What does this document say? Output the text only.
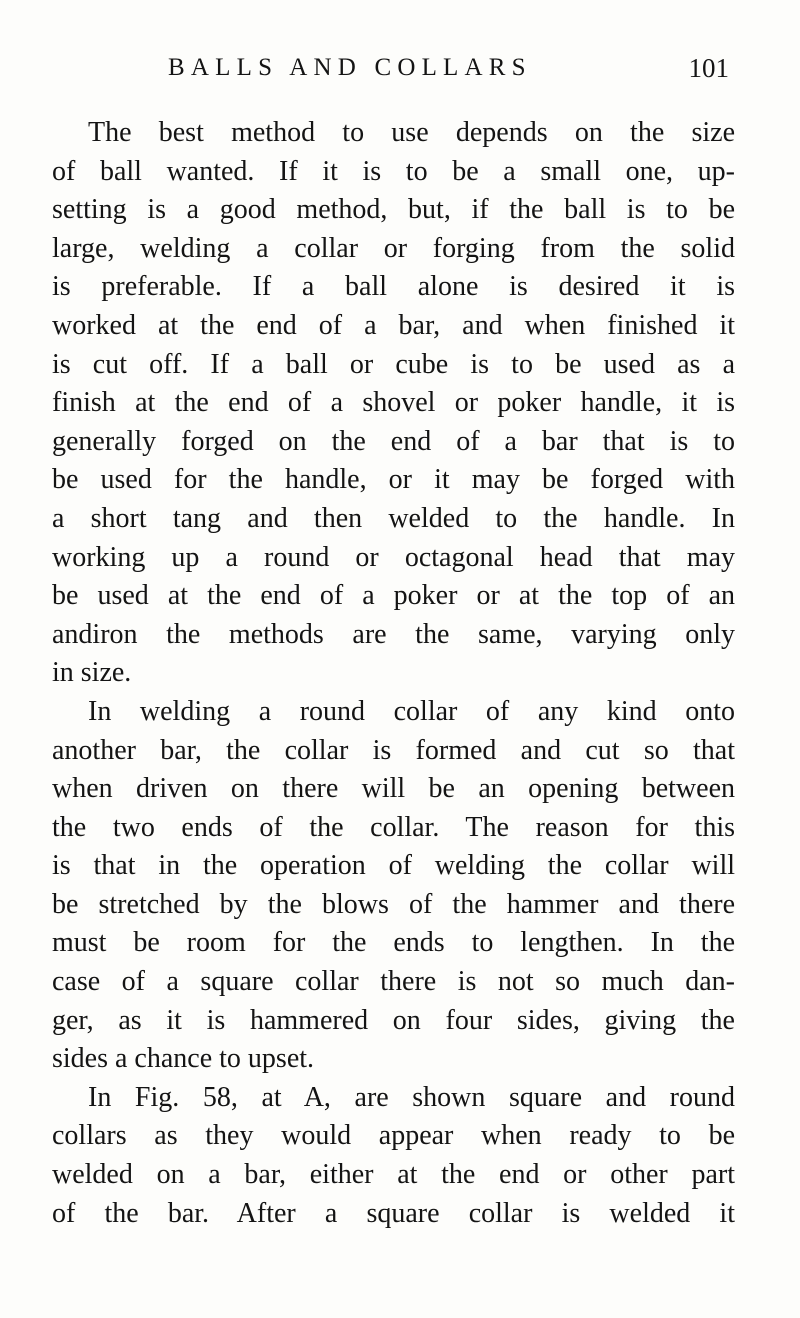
BALLS AND COLLARS	101
The best method to use depends on the size
of ball wanted. If it is to be a small one, up-
setting is a good method, but, if the ball is to be
large, welding a collar or forging from the solid
is preferable. If a ball alone is desired it is
worked at the end of a bar, and when finished it
is cut off. If a ball or cube is to be used as a
finish at the end of a shovel or poker handle, it is
generally forged on the end of a bar that is to
be used for the handle, or it may be forged with
a short tang and then welded to the handle. In
working up a round or octagonal head that may
be used at the end of a poker or at the top of an
andiron the methods are the same, varying only
in size.
In welding a round collar of any kind onto
another bar, the collar is formed and cut so that
when driven on there will be an opening between
the two ends of the collar. The reason for this
is that in the operation of welding the collar will
be stretched by the blows of the hammer and there
must be room for the ends to lengthen. In the
case of a square collar there is not so much dan-
ger, as it is hammered on four sides, giving the
sides a chance to upset.
In Fig. 58, at A, are shown square and round
collars as they would appear when ready to be
welded on a bar, either at the end or other part
of the bar. After a square collar is welded it
